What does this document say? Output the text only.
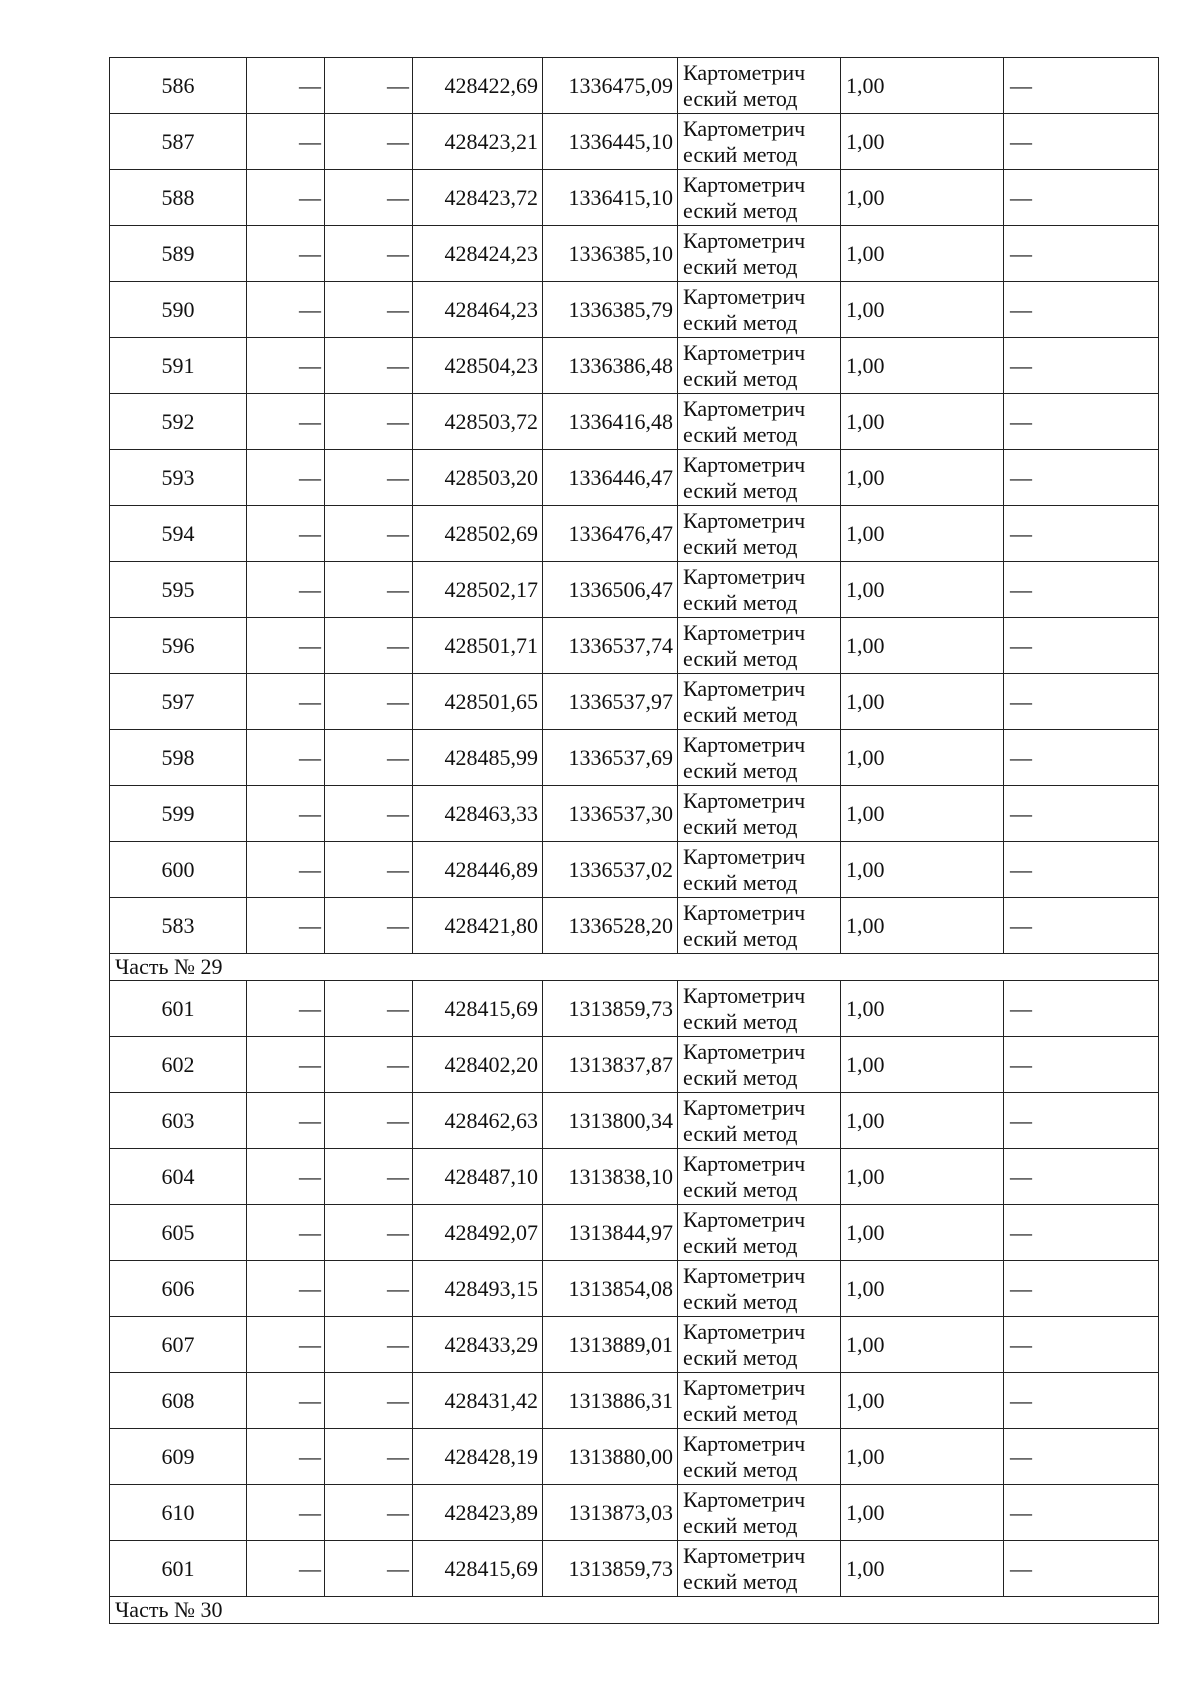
586	—	—	428422,69	1336475,09	Картометрич
еский метод	1,00	—
587	—	—	428423,21	1336445,10	Картометрич
еский метод	1,00	—
588	—	—	428423,72	1336415,10	Картометрич
еский метод	1,00	—
589	—	—	428424,23	1336385,10	Картометрич
еский метод	1,00	—
590	—	—	428464,23	1336385,79	Картометрич
еский метод	1,00	—
591	—	—	428504,23	1336386,48	Картометрич
еский метод	1,00	—
592	—	—	428503,72	1336416,48	Картометрич
еский метод	1,00	—
593	—	—	428503,20	1336446,47	Картометрич
еский метод	1,00	—
594	—	—	428502,69	1336476,47	Картометрич
еский метод	1,00	—
595	—	—	428502,17	1336506,47	Картометрич
еский метод	1,00	—
596	—	—	428501,71	1336537,74	Картометрич
еский метод	1,00	—
597	—	—	428501,65	1336537,97	Картометрич
еский метод	1,00	—
598	—	—	428485,99	1336537,69	Картометрич
еский метод	1,00	—
599	—	—	428463,33	1336537,30	Картометрич
еский метод	1,00	—
600	—	—	428446,89	1336537,02	Картометрич
еский метод	1,00	—
583	—	—	428421,80	1336528,20	Картометрич
еский метод	1,00	—
Часть № 29							
601	—	—	428415,69	1313859,73	Картометрич
еский метод	1,00	—
602	—	—	428402,20	1313837,87	Картометрич
еский метод	1,00	—
603	—	—	428462,63	1313800,34	Картометрич
еский метод	1,00	—
604	—	—	428487,10	1313838,10	Картометрич
еский метод	1,00	—
605	—	—	428492,07	1313844,97	Картометрич
еский метод	1,00	—
606	—	—	428493,15	1313854,08	Картометрич
еский метод	1,00	—
607	—	—	428433,29	1313889,01	Картометрич
еский метод	1,00	—
608	—	—	428431,42	1313886,31	Картометрич
еский метод	1,00	—
609	—	—	428428,19	1313880,00	Картометрич
еский метод	1,00	—
610	—	—	428423,89	1313873,03	Картометрич
еский метод	1,00	—
601	—	—	428415,69	1313859,73	Картометрич
еский метод	1,00	—
Часть № 30							
